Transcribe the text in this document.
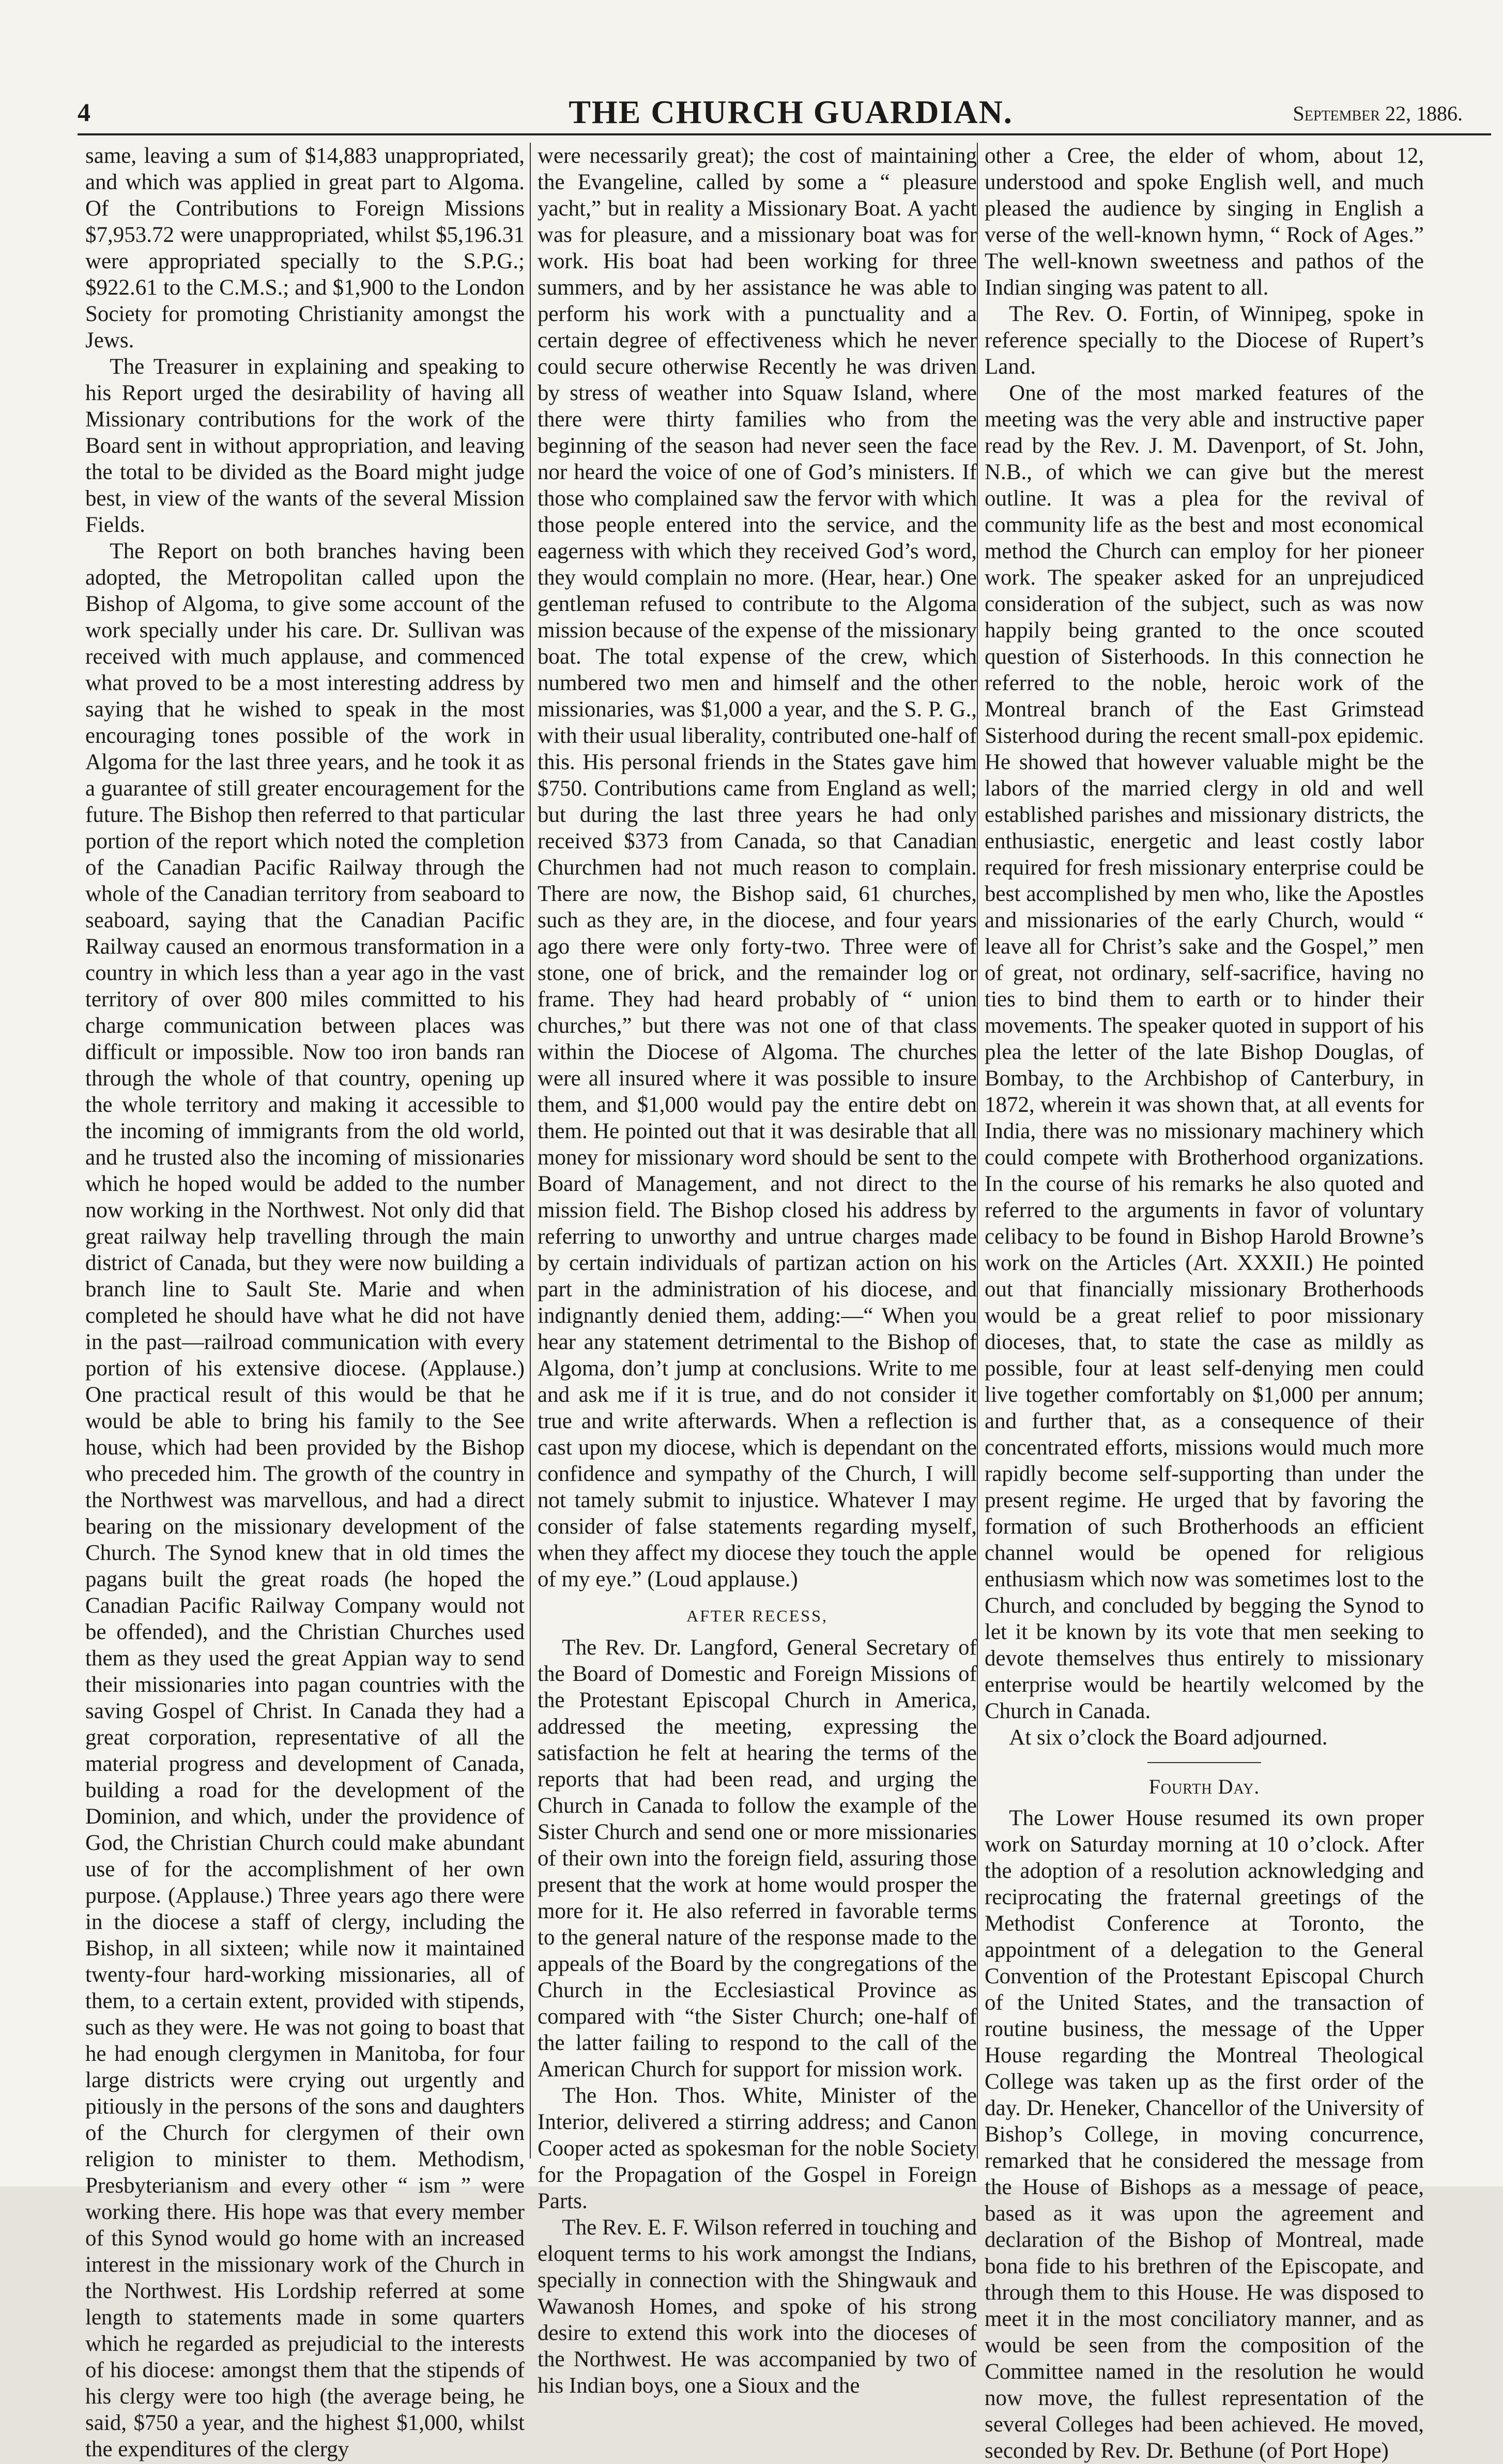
4	THE CHURCH GUARDIAN.	September 22, 1886.

same, leaving a sum of $14,883 unappropriated, and which was applied in great part to Algoma. Of the Contributions to Foreign Missions $7,953.72 were unappropriated, whilst $5,196.31 were appropriated specially to the S.P.G.; $922.61 to the C.M.S.; and $1,900 to the London Society for promoting Christianity amongst the Jews.

The Treasurer in explaining and speaking to his Report urged the desirability of having all Missionary contributions for the work of the Board sent in without appropriation, and leaving the total to be divided as the Board might judge best, in view of the wants of the several Mission Fields.

The Report on both branches having been adopted, the Metropolitan called upon the Bishop of Algoma, to give some account of the work specially under his care. Dr. Sullivan was received with much applause, and commenced what proved to be a most interesting address by saying that he wished to speak in the most encouraging tones possible of the work in Algoma for the last three years, and he took it as a guarantee of still greater encouragement for the future. The Bishop then referred to that particular portion of the report which noted the completion of the Canadian Pacific Railway through the whole of the Canadian territory from seaboard to seaboard, saying that the Canadian Pacific Railway caused an enormous transformation in a country in which less than a year ago in the vast territory of over 800 miles committed to his charge communication between places was difficult or impossible. Now too iron bands ran through the whole of that country, opening up the whole territory and making it accessible to the incoming of immigrants from the old world, and he trusted also the incoming of missionaries which he hoped would be added to the number now working in the Northwest. Not only did that great railway help travelling through the main district of Canada, but they were now building a branch line to Sault Ste. Marie and when completed he should have what he did not have in the past—railroad communication with every portion of his extensive diocese. (Applause.) One practical result of this would be that he would be able to bring his family to the See house, which had been provided by the Bishop who preceded him. The growth of the country in the Northwest was marvellous, and had a direct bearing on the missionary development of the Church. The Synod knew that in old times the pagans built the great roads (he hoped the Canadian Pacific Railway Company would not be offended), and the Christian Churches used them as they used the great Appian way to send their missionaries into pagan countries with the saving Gospel of Christ. In Canada they had a great corporation, representative of all the material progress and development of Canada, building a road for the development of the Dominion, and which, under the providence of God, the Christian Church could make abundant use of for the accomplishment of her own purpose. (Applause.) Three years ago there were in the diocese a staff of clergy, including the Bishop, in all sixteen; while now it maintained twenty-four hard-working missionaries, all of them, to a certain extent, provided with stipends, such as they were. He was not going to boast that he had enough clergymen in Manitoba, for four large districts were crying out urgently and pitiously in the persons of the sons and daughters of the Church for clergymen of their own religion to minister to them. Methodism, Presbyterianism and every other “ ism ” were working there. His hope was that every member of this Synod would go home with an increased interest in the missionary work of the Church in the Northwest. His Lordship referred at some length to statements made in some quarters which he regarded as prejudicial to the interests of his diocese: amongst them that the stipends of his clergy were too high (the average being, he said, $750 a year, and the highest $1,000, whilst the expenditures of the clergy

were necessarily great); the cost of maintaining the Evangeline, called by some a “ pleasure yacht,” but in reality a Missionary Boat. A yacht was for pleasure, and a missionary boat was for work. His boat had been working for three summers, and by her assistance he was able to perform his work with a punctuality and a certain degree of effectiveness which he never could secure otherwise Recently he was driven by stress of weather into Squaw Island, where there were thirty families who from the beginning of the season had never seen the face nor heard the voice of one of God’s ministers. If those who complained saw the fervor with which those people entered into the service, and the eagerness with which they received God’s word, they would complain no more. (Hear, hear.) One gentleman refused to contribute to the Algoma mission because of the expense of the missionary boat. The total expense of the crew, which numbered two men and himself and the other missionaries, was $1,000 a year, and the S. P. G., with their usual liberality, contributed one-half of this. His personal friends in the States gave him $750. Contributions came from England as well; but during the last three years he had only received $373 from Canada, so that Canadian Churchmen had not much reason to complain. There are now, the Bishop said, 61 churches, such as they are, in the diocese, and four years ago there were only forty-two. Three were of stone, one of brick, and the remainder log or frame. They had heard probably of “ union churches,” but there was not one of that class within the Diocese of Algoma. The churches were all insured where it was possible to insure them, and $1,000 would pay the entire debt on them. He pointed out that it was desirable that all money for missionary word should be sent to the Board of Management, and not direct to the mission field. The Bishop closed his address by referring to unworthy and untrue charges made by certain individuals of partizan action on his part in the administration of his diocese, and indignantly denied them, adding:—“ When you hear any statement detrimental to the Bishop of Algoma, don’t jump at conclusions. Write to me and ask me if it is true, and do not consider it true and write afterwards. When a reflection is cast upon my diocese, which is dependant on the confidence and sympathy of the Church, I will not tamely submit to injustice. Whatever I may consider of false statements regarding myself, when they affect my diocese they touch the apple of my eye.” (Loud applause.)

AFTER RECESS,

The Rev. Dr. Langford, General Secretary of the Board of Domestic and Foreign Missions of the Protestant Episcopal Church in America, addressed the meeting, expressing the satisfaction he felt at hearing the terms of the reports that had been read, and urging the Church in Canada to follow the example of the Sister Church and send one or more missionaries of their own into the foreign field, assuring those present that the work at home would prosper the more for it. He also referred in favorable terms to the general nature of the response made to the appeals of the Board by the congregations of the Church in the Ecclesiastical Province as compared with “the Sister Church; one-half of the latter failing to respond to the call of the American Church for support for mission work.

The Hon. Thos. White, Minister of the Interior, delivered a stirring address; and Canon Cooper acted as spokesman for the noble Society for the Propagation of the Gospel in Foreign Parts.

The Rev. E. F. Wilson referred in touching and eloquent terms to his work amongst the Indians, specially in connection with the Shingwauk and Wawanosh Homes, and spoke of his strong desire to extend this work into the dioceses of the Northwest. He was accompanied by two of his Indian boys, one a Sioux and the

other a Cree, the elder of whom, about 12, understood and spoke English well, and much pleased the audience by singing in English a verse of the well-known hymn, “ Rock of Ages.” The well-known sweetness and pathos of the Indian singing was patent to all.

The Rev. O. Fortin, of Winnipeg, spoke in reference specially to the Diocese of Rupert’s Land.

One of the most marked features of the meeting was the very able and instructive paper read by the Rev. J. M. Davenport, of St. John, N.B., of which we can give but the merest outline. It was a plea for the revival of community life as the best and most economical method the Church can employ for her pioneer work. The speaker asked for an unprejudiced consideration of the subject, such as was now happily being granted to the once scouted question of Sisterhoods. In this connection he referred to the noble, heroic work of the Montreal branch of the East Grimstead Sisterhood during the recent small-pox epidemic. He showed that however valuable might be the labors of the married clergy in old and well established parishes and missionary districts, the enthusiastic, energetic and least costly labor required for fresh missionary enterprise could be best accomplished by men who, like the Apostles and missionaries of the early Church, would “ leave all for Christ’s sake and the Gospel,” men of great, not ordinary, self-sacrifice, having no ties to bind them to earth or to hinder their movements. The speaker quoted in support of his plea the letter of the late Bishop Douglas, of Bombay, to the Archbishop of Canterbury, in 1872, wherein it was shown that, at all events for India, there was no missionary machinery which could compete with Brotherhood organizations. In the course of his remarks he also quoted and referred to the arguments in favor of voluntary celibacy to be found in Bishop Harold Browne’s work on the Articles (Art. XXXII.) He pointed out that financially missionary Brotherhoods would be a great relief to poor missionary dioceses, that, to state the case as mildly as possible, four at least self-denying men could live together comfortably on $1,000 per annum; and further that, as a consequence of their concentrated efforts, missions would much more rapidly become self-supporting than under the present regime. He urged that by favoring the formation of such Brotherhoods an efficient channel would be opened for religious enthusiasm which now was sometimes lost to the Church, and concluded by begging the Synod to let it be known by its vote that men seeking to devote themselves thus entirely to missionary enterprise would be heartily welcomed by the Church in Canada.

At six o’clock the Board adjourned.

Fourth Day.

The Lower House resumed its own proper work on Saturday morning at 10 o’clock. After the adoption of a resolution acknowledging and reciprocating the fraternal greetings of the Methodist Conference at Toronto, the appointment of a delegation to the General Convention of the Protestant Episcopal Church of the United States, and the transaction of routine business, the message of the Upper House regarding the Montreal Theological College was taken up as the first order of the day. Dr. Heneker, Chancellor of the University of Bishop’s College, in moving concurrence, remarked that he considered the message from the House of Bishops as a message of peace, based as it was upon the agreement and declaration of the Bishop of Montreal, made bona fide to his brethren of the Episcopate, and through them to this House. He was disposed to meet it in the most conciliatory manner, and as would be seen from the composition of the Committee named in the resolution he would now move, the fullest representation of the several Colleges had been achieved. He moved, seconded by Rev. Dr. Bethune (of Port Hope)
